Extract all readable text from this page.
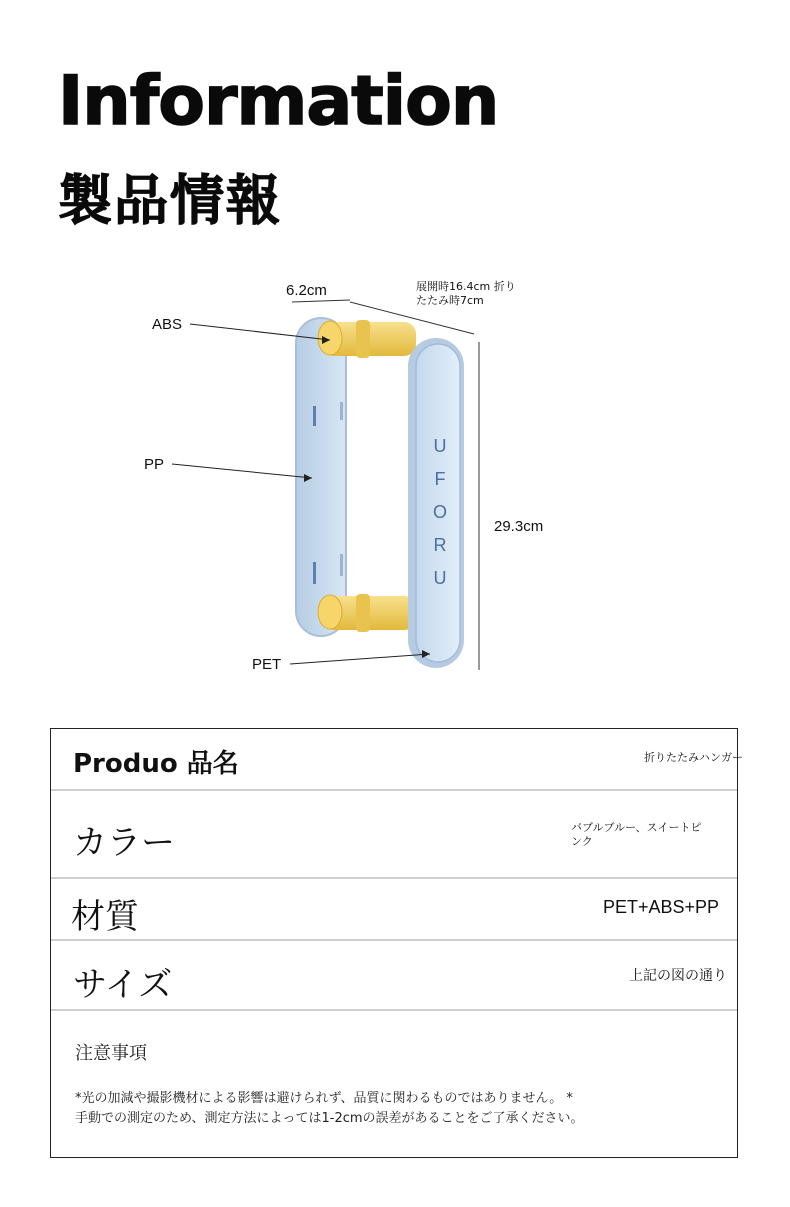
Information
製品情報
6.2cm	展開時16.4cm 折りたたみ時7cm
29.3cm
ABS
PP
PET
U
F
O
R
U
Produo 品名	折りたたみハンガー
カラー	バブルブルー、スイートピンク
材質	PET+ABS+PP
サイズ	上記の図の通り
注意事項
*光の加減や撮影機材による影響は避けられず、品質に関わるものではありません。 *
手動での測定のため、測定方法によっては1-2cmの誤差があることをご了承ください。
